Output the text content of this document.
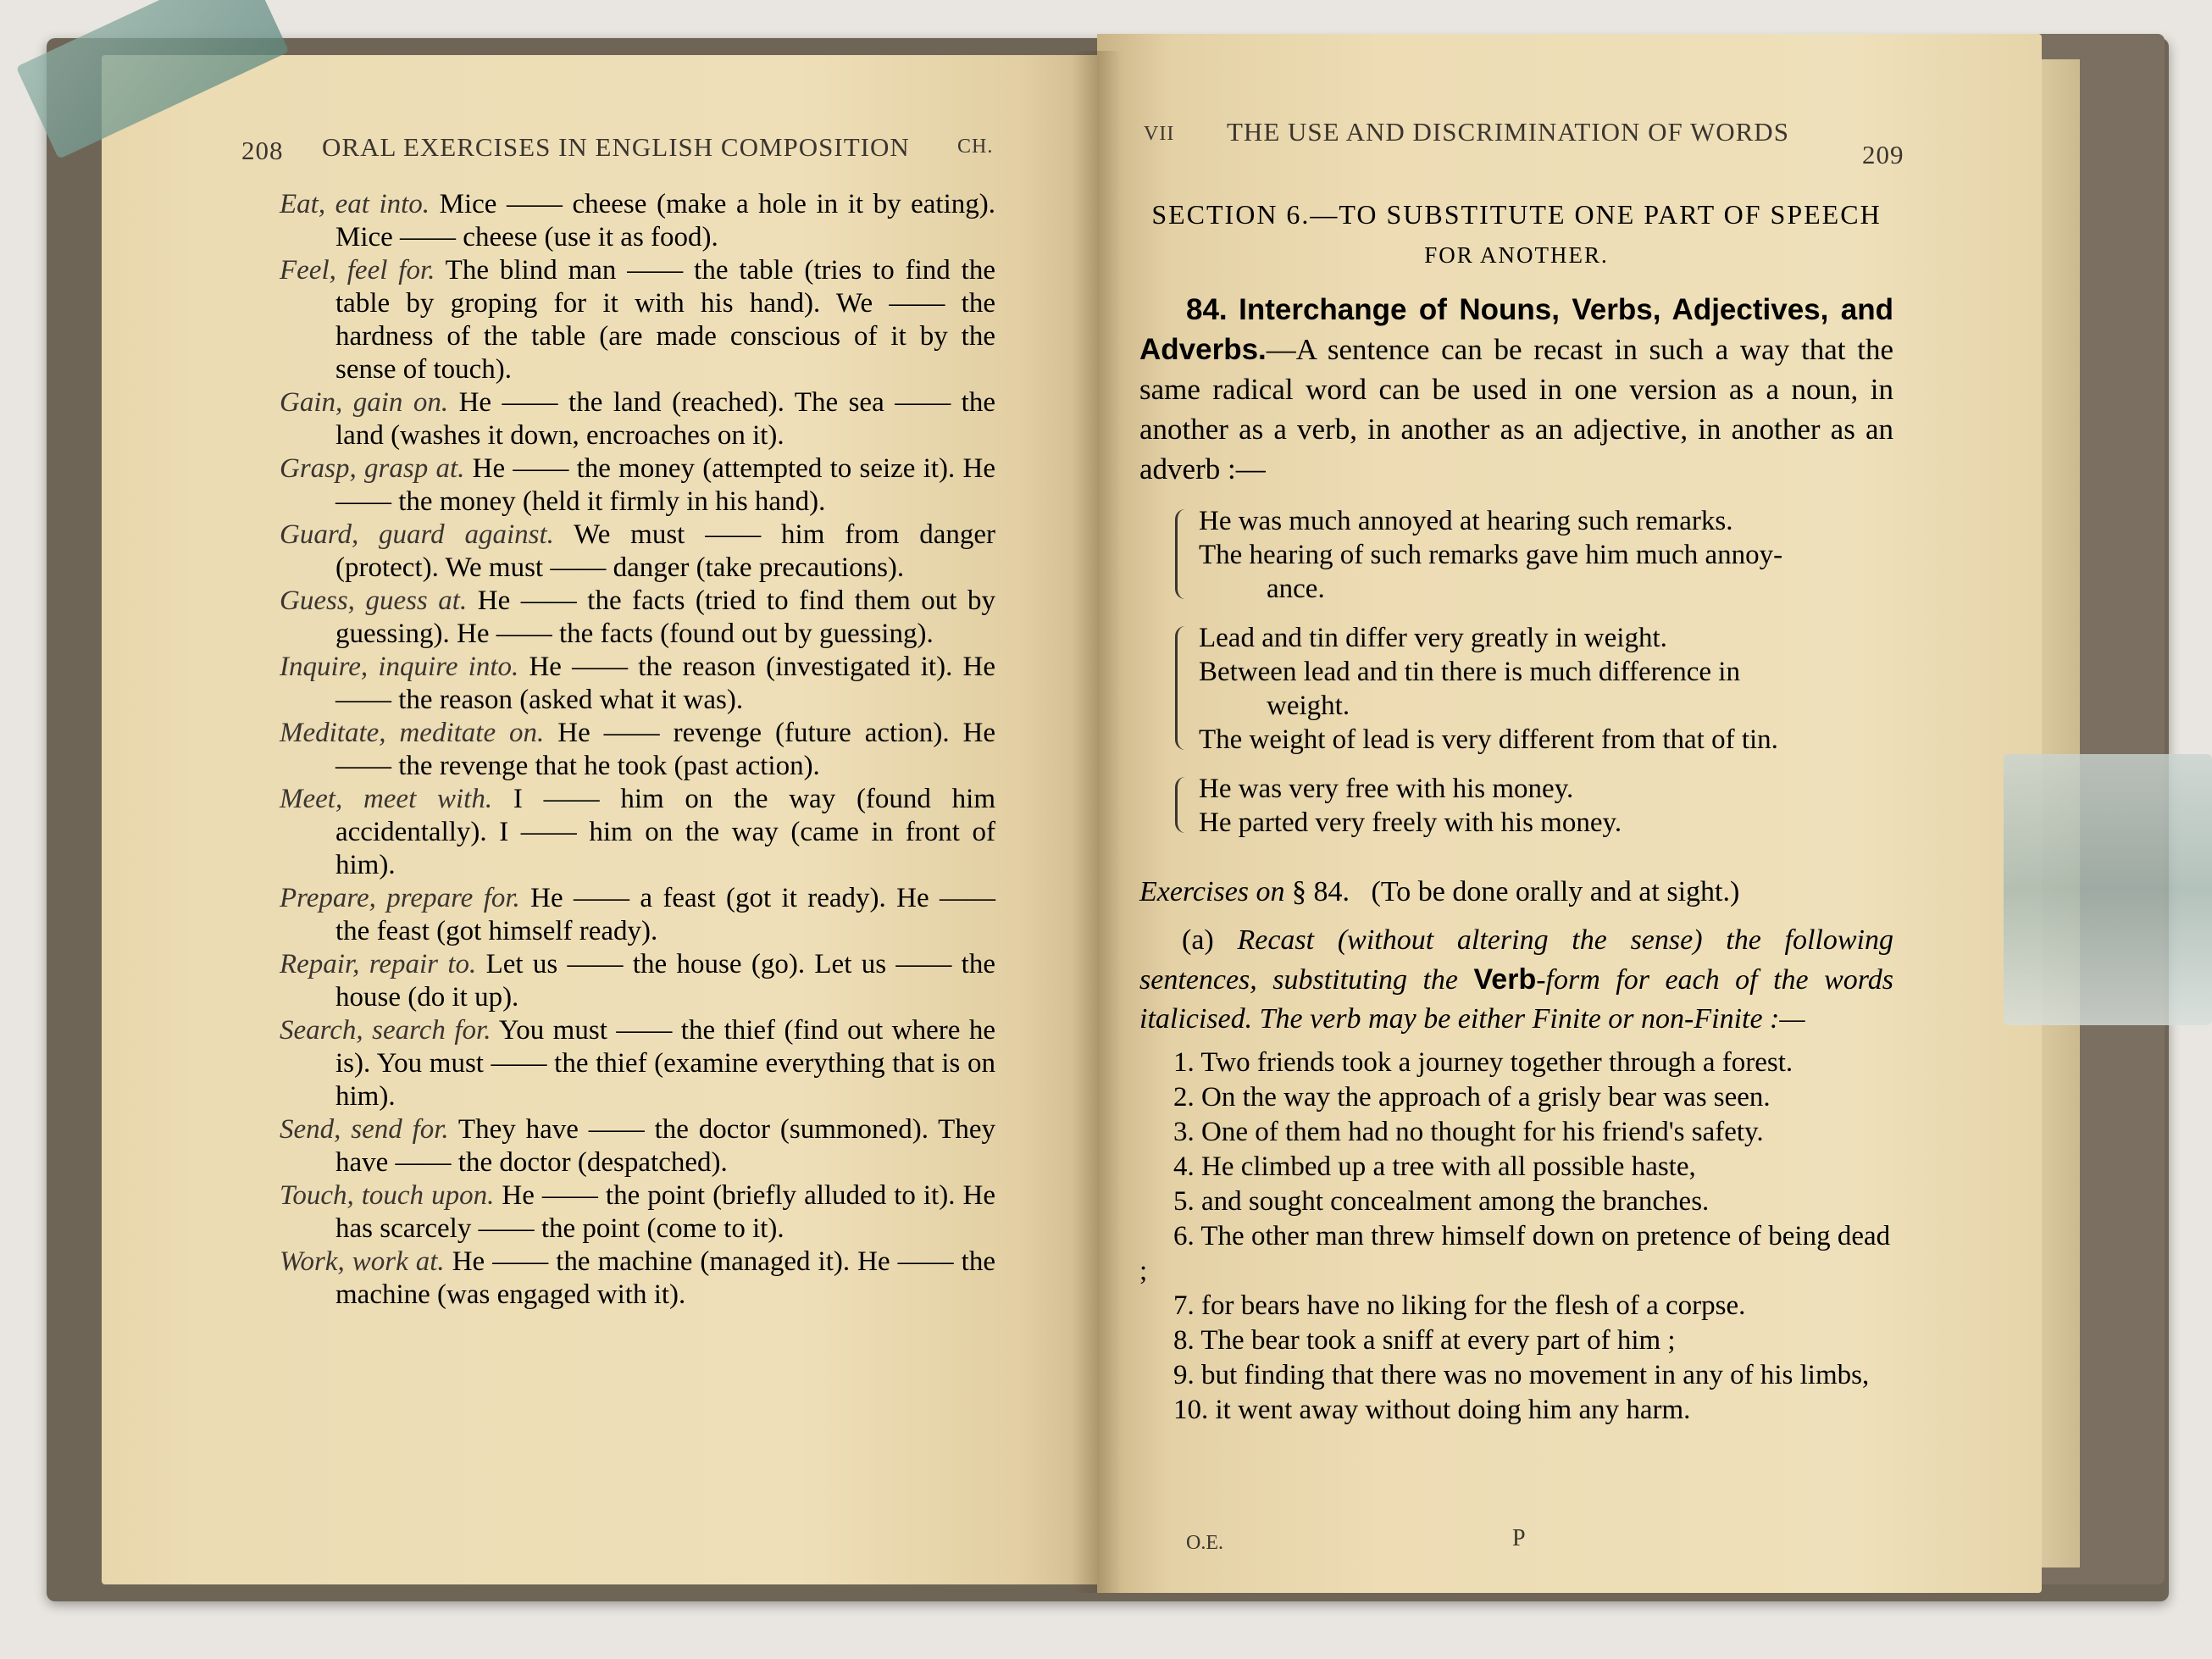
208 ORAL EXERCISES IN ENGLISH COMPOSITION CH.

Eat, eat into. Mice —— cheese (make a hole in it by eating). Mice —— cheese (use it as food).

Feel, feel for. The blind man —— the table (tries to find the table by groping for it with his hand). We —— the hardness of the table (are made conscious of it by the sense of touch).

Gain, gain on. He —— the land (reached). The sea —— the land (washes it down, encroaches on it).

Grasp, grasp at. He —— the money (attempted to seize it). He —— the money (held it firmly in his hand).

Guard, guard against. We must —— him from danger (protect). We must —— danger (take precautions).

Guess, guess at. He —— the facts (tried to find them out by guessing). He —— the facts (found out by guessing).

Inquire, inquire into. He —— the reason (investigated it). He —— the reason (asked what it was).

Meditate, meditate on. He —— revenge (future action). He —— the revenge that he took (past action).

Meet, meet with. I —— him on the way (found him accidentally). I —— him on the way (came in front of him).

Prepare, prepare for. He —— a feast (got it ready). He —— the feast (got himself ready).

Repair, repair to. Let us —— the house (go). Let us —— the house (do it up).

Search, search for. You must —— the thief (find out where he is). You must —— the thief (examine everything that is on him).

Send, send for. They have —— the doctor (summoned). They have —— the doctor (despatched).

Touch, touch upon. He —— the point (briefly alluded to it). He has scarcely —— the point (come to it).

Work, work at. He —— the machine (managed it). He —— the machine (was engaged with it).

VII THE USE AND DISCRIMINATION OF WORDS
209

SECTION 6.—TO SUBSTITUTE ONE PART OF SPEECH
FOR ANOTHER.

84. Interchange of Nouns, Verbs, Adjectives, and Adverbs.—A sentence can be recast in such a way that the same radical word can be used in one version as a noun, in another as a verb, in another as an adjective, in another as an adverb :—

He was much annoyed at hearing such remarks.

The hearing of such remarks gave him much annoy-

ance.

Lead and tin differ very greatly in weight.

Between lead and tin there is much difference in

weight.

The weight of lead is very different from that of tin.

He was very free with his money.

He parted very freely with his money.

Exercises on § 84. (To be done orally and at sight.)

(a) Recast (without altering the sense) the following sentences, substituting the Verb-form for each of the words italicised. The verb may be either Finite or non-Finite :—

1. Two friends took a journey together through a forest.

2. On the way the approach of a grisly bear was seen.

3. One of them had no thought for his friend's safety.

4. He climbed up a tree with all possible haste,

5. and sought concealment among the branches.

6. The other man threw himself down on pretence of being dead ;

7. for bears have no liking for the flesh of a corpse.

8. The bear took a sniff at every part of him ;

9. but finding that there was no movement in any of his limbs,

10. it went away without doing him any harm.

O.E.	P
